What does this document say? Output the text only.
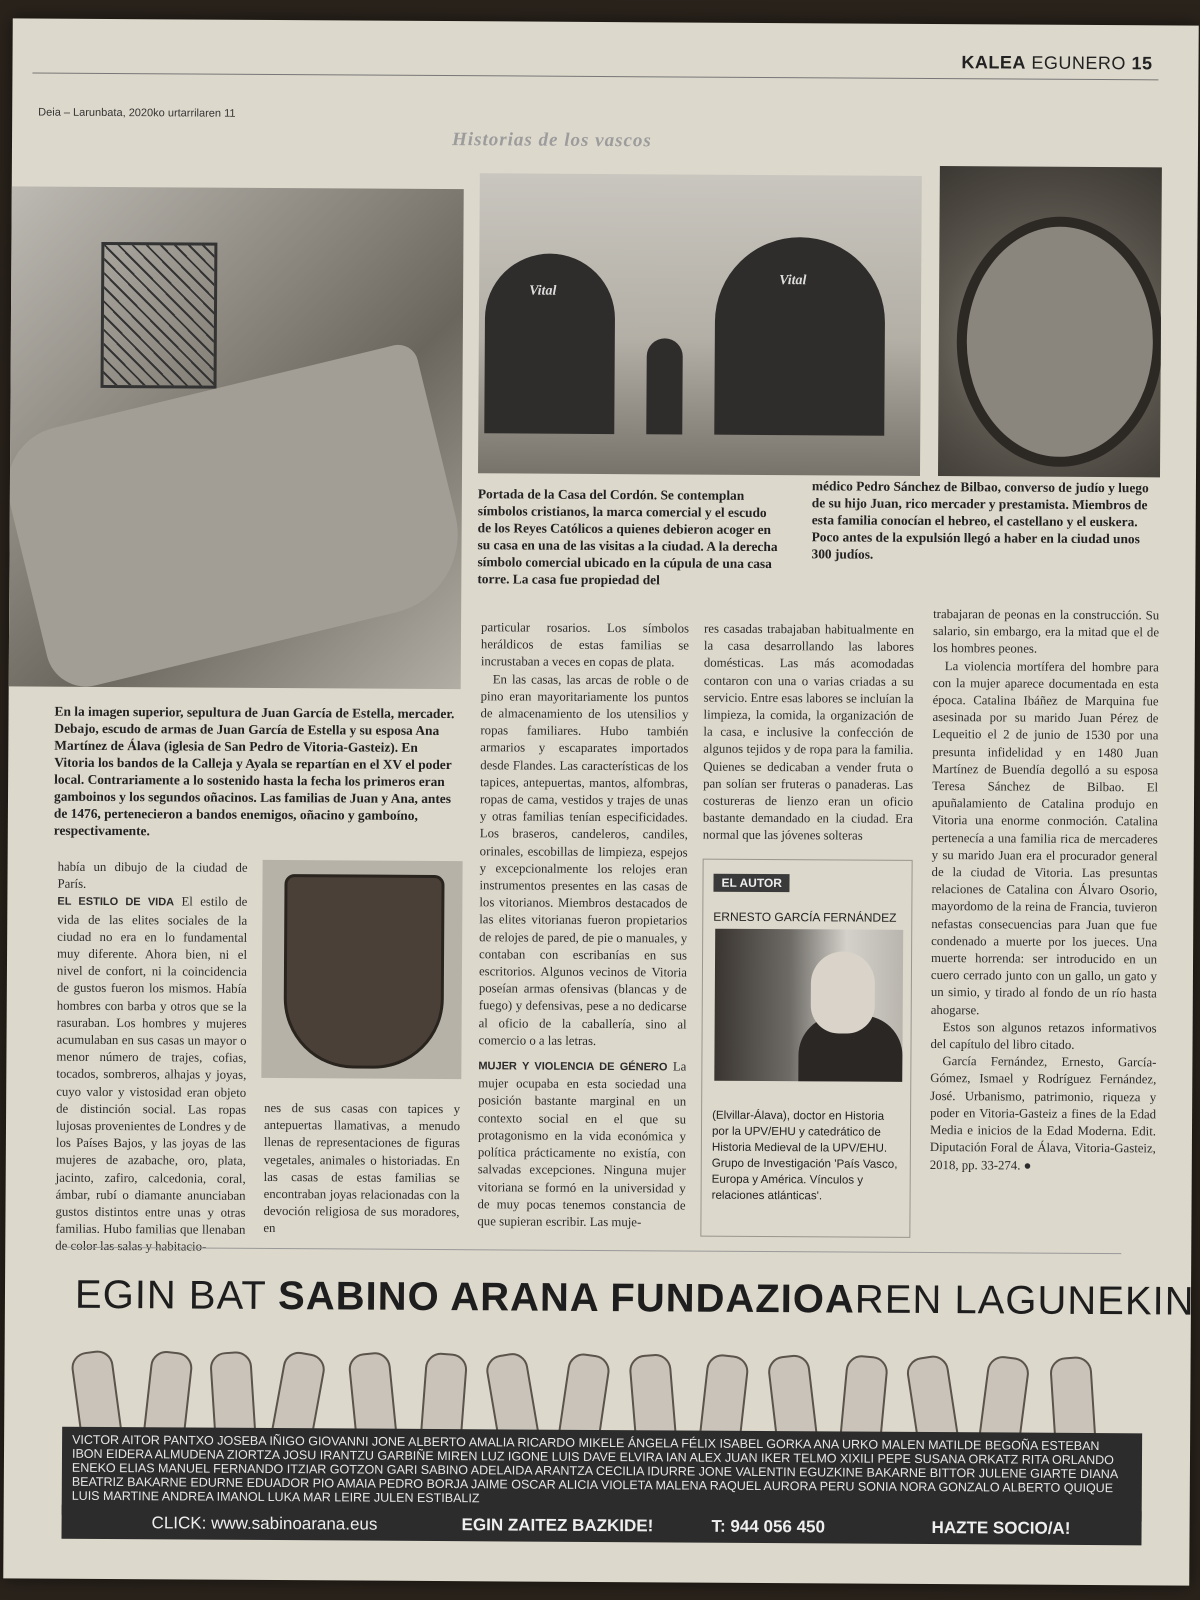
KALEA EGUNERO 15
Deia – Larunbata, 2020ko urtarrilaren 11
Historias de los vascos
Vital
Vital
En la imagen superior, sepultura de Juan García de Estella, mercader. Debajo, escudo de armas de Juan García de Estella y su esposa Ana Martínez de Álava (iglesia de San Pedro de Vitoria-Gasteiz). En Vitoria los bandos de la Calleja y Ayala se repartían en el XV el poder local. Contrariamente a lo sostenido hasta la fecha los primeros eran gamboinos y los segundos oñacinos. Las familias de Juan y Ana, antes de 1476, pertenecieron a bandos enemigos, oñacino y gamboíno, respectivamente.
Portada de la Casa del Cordón. Se contemplan símbolos cristianos, la marca comercial y el escudo de los Reyes Católicos a quienes debieron acoger en su casa en una de las visitas a la ciudad. A la derecha símbolo comercial ubicado en la cúpula de una casa torre. La casa fue propiedad del
médico Pedro Sánchez de Bilbao, converso de judío y luego de su hijo Juan, rico mercader y prestamista. Miembros de esta familia conocían el hebreo, el castellano y el euskera. Poco antes de la expulsión llegó a haber en la ciudad unos 300 judíos.

había un dibujo de la ciudad de París.

EL ESTILO DE VIDA El estilo de vida de las elites sociales de la ciudad no era en lo fundamental muy diferente. Ahora bien, ni el nivel de confort, ni la coincidencia de gustos fueron los mismos. Había hombres con barba y otros que se la rasuraban. Los hombres y mujeres acumulaban en sus casas un mayor o menor número de trajes, cofias, tocados, sombreros, alhajas y joyas, cuyo valor y vistosidad eran objeto de distinción social. Las ropas lujosas provenientes de Londres y de los Países Bajos, y las joyas de las mujeres de azabache, oro, plata, jacinto, zafiro, calcedonia, coral, ámbar, rubí o diamante anunciaban gustos distintos entre unas y otras familias. Hubo familias que llenaban de color las salas y habitacio-

nes de sus casas con tapices y antepuertas llamativas, a menudo llenas de representaciones de figuras vegetales, animales o historiadas. En las casas de estas familias se encontraban joyas relacionadas con la devoción religiosa de sus moradores, en

particular rosarios. Los símbolos heráldicos de estas familias se incrustaban a veces en copas de plata.

En las casas, las arcas de roble o de pino eran mayoritariamente los puntos de almacenamiento de los utensilios y ropas familiares. Hubo también armarios y escaparates importados desde Flandes. Las características de los tapices, antepuertas, mantos, alfombras, ropas de cama, vestidos y trajes de unas y otras familias tenían especificidades. Los braseros, candeleros, candiles, orinales, escobillas de limpieza, espejos y excepcionalmente los relojes eran instrumentos presentes en las casas de los vitorianos. Miembros destacados de las elites vitorianas fueron propietarios de relojes de pared, de pie o manuales, y contaban con escribanías en sus escritorios. Algunos vecinos de Vitoria poseían armas ofensivas (blancas y de fuego) y defensivas, pese a no dedicarse al oficio de la caballería, sino al comercio o a las letras.

MUJER Y VIOLENCIA DE GÉNERO La mujer ocupaba en esta sociedad una posición bastante marginal en un contexto social en el que su protagonismo en la vida económica y política prácticamente no existía, con salvadas excepciones. Ninguna mujer vitoriana se formó en la universidad y de muy pocas tenemos constancia de que supieran escribir. Las muje-

res casadas trabajaban habitualmente en la casa desarrollando las labores domésticas. Las más acomodadas contaron con una o varias criadas a su servicio. Entre esas labores se incluían la limpieza, la comida, la organización de la casa, e inclusive la confección de algunos tejidos y de ropa para la familia. Quienes se dedicaban a vender fruta o pan solían ser fruteras o panaderas. Las costureras de lienzo eran un oficio bastante demandado en la ciudad. Era normal que las jóvenes solteras

EL AUTOR
ERNESTO GARCÍA FERNÁNDEZ
(Elvillar-Álava), doctor en Historia por la UPV/EHU y catedrático de Historia Medieval de la UPV/EHU. Grupo de Investigación 'País Vasco, Europa y América. Vínculos y relaciones atlánticas'.

trabajaran de peonas en la construcción. Su salario, sin embargo, era la mitad que el de los hombres peones.

La violencia mortífera del hombre para con la mujer aparece documentada en esta época. Catalina Ibáñez de Marquina fue asesinada por su marido Juan Pérez de Lequeitio el 2 de junio de 1530 por una presunta infidelidad y en 1480 Juan Martínez de Buendía degolló a su esposa Teresa Sánchez de Bilbao. El apuñalamiento de Catalina produjo en Vitoria una enorme conmoción. Catalina pertenecía a una familia rica de mercaderes y su marido Juan era el procurador general de la ciudad de Vitoria. Las presuntas relaciones de Catalina con Álvaro Osorio, mayordomo de la reina de Francia, tuvieron nefastas consecuencias para Juan que fue condenado a muerte por los jueces. Una muerte horrenda: ser introducido en un cuero cerrado junto con un gallo, un gato y un simio, y tirado al fondo de un río hasta ahogarse.

Estos son algunos retazos informativos del capítulo del libro citado.

García Fernández, Ernesto, García-Gómez, Ismael y Rodríguez Fernández, José. Urbanismo, patrimonio, riqueza y poder en Vitoria-Gasteiz a fines de la Edad Media e inicios de la Edad Moderna. Edit. Diputación Foral de Álava, Vitoria-Gasteiz, 2018, pp. 33-274. ●

EGIN BAT SABINO ARANA FUNDAZIOAREN LAGUNEKIN
VICTOR AITOR PANTXO JOSEBA IÑIGO GIOVANNI JONE ALBERTO AMALIA RICARDO MIKELE ÁNGELA FÉLIX ISABEL GORKA ANA URKO MALEN MATILDE BEGOÑA ESTEBAN IBON EIDERA ALMUDENA ZIORTZA JOSU IRANTZU GARBIÑE MIREN LUZ IGONE LUIS DAVE ELVIRA IAN ALEX JUAN IKER TELMO XIXILI PEPE SUSANA ORKATZ RITA ORLANDO ENEKO ELIAS MANUEL FERNANDO ITZIAR GOTZON GARI SABINO ADELAIDA ARANTZA CECILIA IDURRE JONE VALENTIN EGUZKINE BAKARNE BITTOR JULENE GIARTE DIANA BEATRIZ BAKARNE EDURNE EDUADOR PIO AMAIA PEDRO BORJA JAIME OSCAR ALICIA VIOLETA MALENA RAQUEL AURORA PERU SONIA NORA GONZALO ALBERTO QUIQUE LUIS MARTINE ANDREA IMANOL LUKA MAR LEIRE JULEN ESTIBALIZ
CLICK: www.sabinoarana.eus	EGIN ZAITEZ BAZKIDE!	T: 944 056 450	HAZTE SOCIO/A!
